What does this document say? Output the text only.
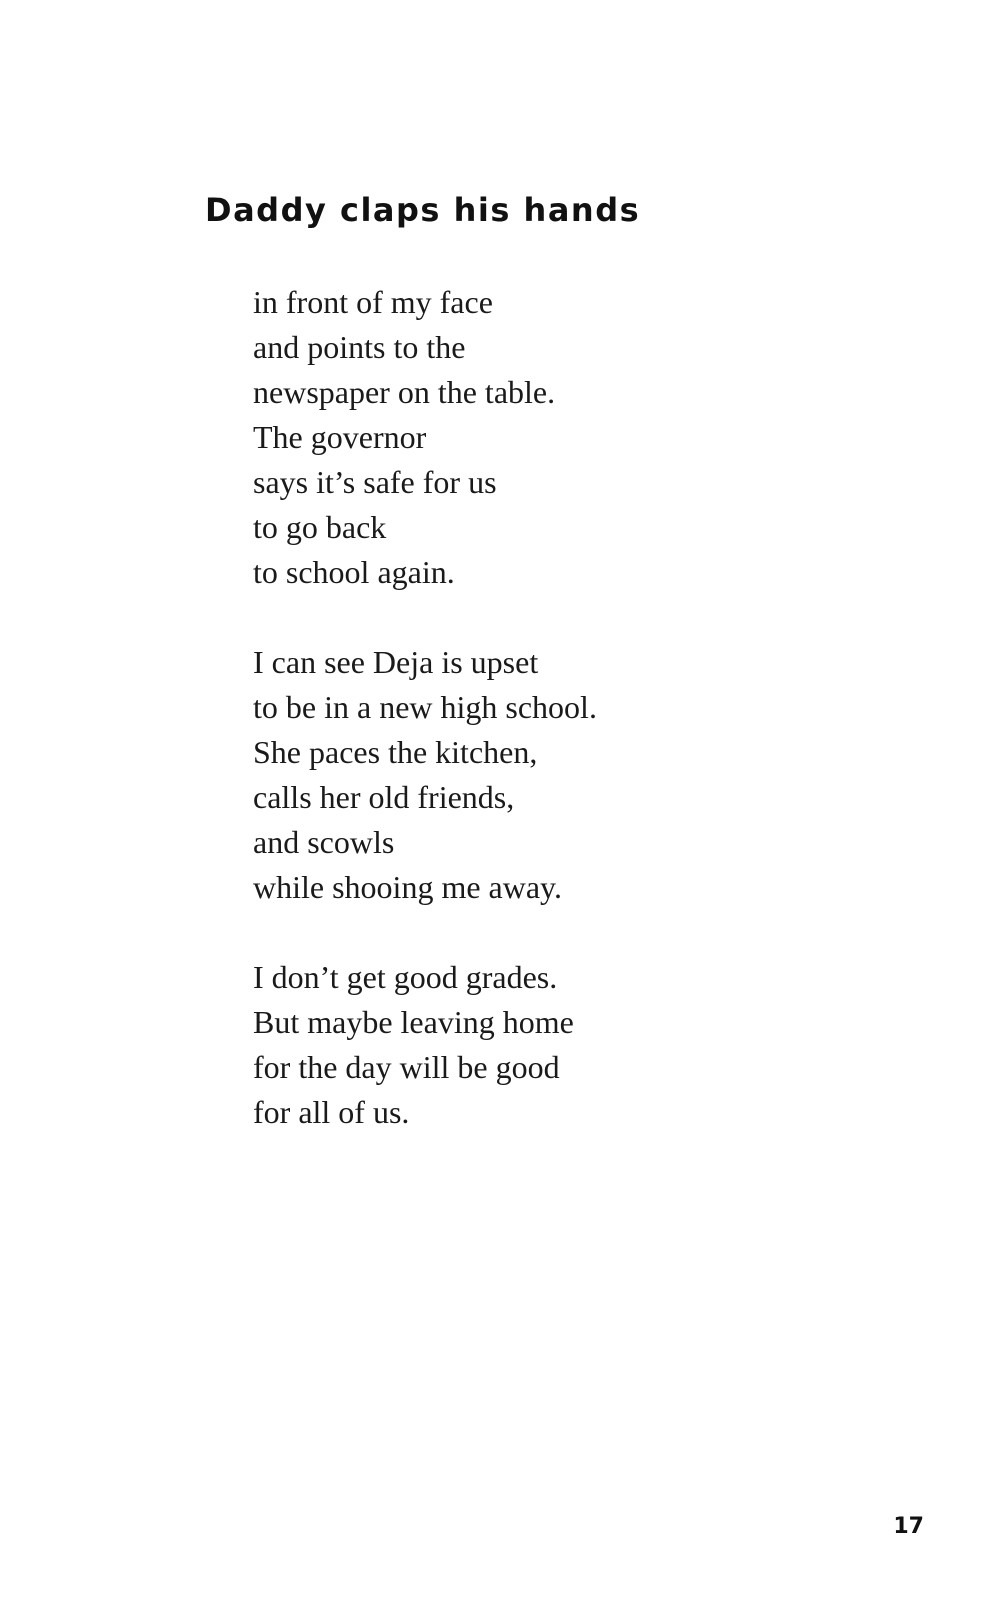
Daddy claps his hands

in front of my face
and points to the
newspaper on the table.
The governor
says it’s safe for us
to go back
to school again.

I can see Deja is upset
to be in a new high school.
She paces the kitchen,
calls her old friends,
and scowls
while shooing me away.

I don’t get good grades.
But maybe leaving home
for the day will be good
for all of us.

17
